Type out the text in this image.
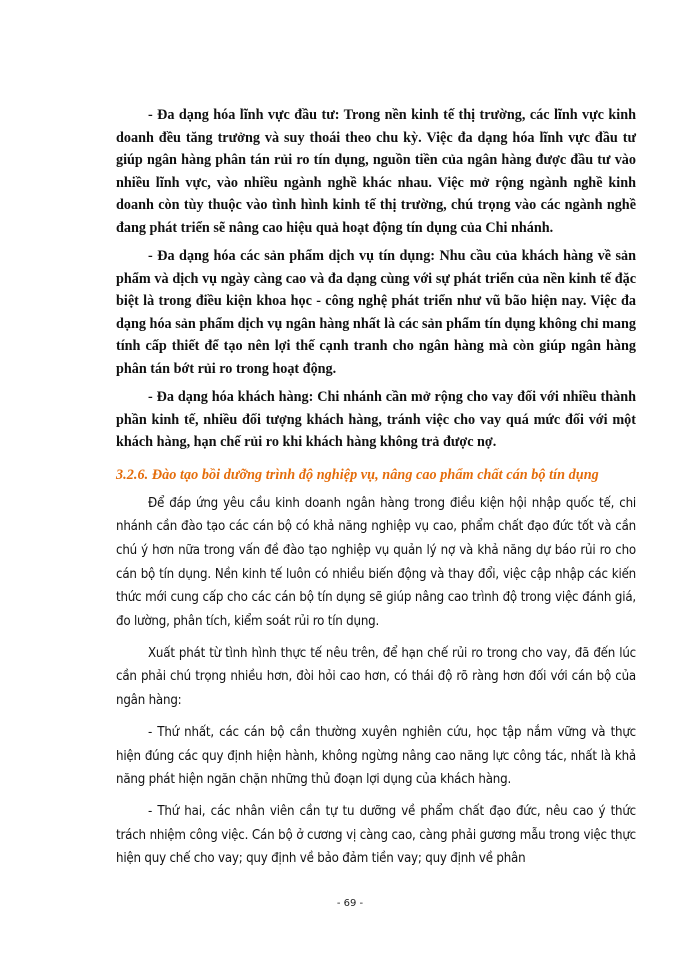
- Đa dạng hóa lĩnh vực đầu tư: Trong nền kinh tế thị trường, các lĩnh vực kinh doanh đều tăng trưởng và suy thoái theo chu kỳ. Việc đa dạng hóa lĩnh vực đầu tư giúp ngân hàng phân tán rủi ro tín dụng, nguồn tiền của ngân hàng được đầu tư vào nhiều lĩnh vực, vào nhiều ngành nghề khác nhau. Việc mở rộng ngành nghề kinh doanh còn tùy thuộc vào tình hình kinh tế thị trường, chú trọng vào các ngành nghề đang phát triển sẽ nâng cao hiệu quả hoạt động tín dụng của Chi nhánh.

- Đa dạng hóa các sản phẩm dịch vụ tín dụng: Nhu cầu của khách hàng về sản phẩm và dịch vụ ngày càng cao và đa dạng cùng với sự phát triển của nền kinh tế đặc biệt là trong điều kiện khoa học - công nghệ phát triển như vũ bão hiện nay. Việc đa dạng hóa sản phẩm dịch vụ ngân hàng nhất là các sản phẩm tín dụng không chỉ mang tính cấp thiết để tạo nên lợi thế cạnh tranh cho ngân hàng mà còn giúp ngân hàng phân tán bớt rủi ro trong hoạt động.

- Đa dạng hóa khách hàng: Chi nhánh cần mở rộng cho vay đối với nhiều thành phần kinh tế, nhiều đối tượng khách hàng, tránh việc cho vay quá mức đối với một khách hàng, hạn chế rủi ro khi khách hàng không trả được nợ.

3.2.6. Đào tạo bồi dưỡng trình độ nghiệp vụ, nâng cao phẩm chất cán bộ tín dụng

Để đáp ứng yêu cầu kinh doanh ngân hàng trong điều kiện hội nhập quốc tế, chi nhánh cần đào tạo các cán bộ có khả năng nghiệp vụ cao, phẩm chất đạo đức tốt và cần chú ý hơn nữa trong vấn đề đào tạo nghiệp vụ quản lý nợ và khả năng dự báo rủi ro cho cán bộ tín dụng. Nền kinh tế luôn có nhiều biến động và thay đổi, việc cập nhập các kiến thức mới cung cấp cho các cán bộ tín dụng sẽ giúp nâng cao trình độ trong việc đánh giá, đo lường, phân tích, kiểm soát rủi ro tín dụng.

Xuất phát từ tình hình thực tế nêu trên, để hạn chế rủi ro trong cho vay, đã đến lúc cần phải chú trọng nhiều hơn, đòi hỏi cao hơn, có thái độ rõ ràng hơn đối với cán bộ của ngân hàng:

- Thứ nhất, các cán bộ cần thường xuyên nghiên cứu, học tập nắm vững và thực hiện đúng các quy định hiện hành, không ngừng nâng cao năng lực công tác, nhất là khả năng phát hiện ngăn chặn những thủ đoạn lợi dụng của khách hàng.

- Thứ hai, các nhân viên cần tự tu dưỡng về phẩm chất đạo đức, nêu cao ý thức trách nhiệm công việc. Cán bộ ở cương vị càng cao, càng phải gương mẫu trong việc thực hiện quy chế cho vay; quy định về bảo đảm tiền vay; quy định về phân

- 69 -
